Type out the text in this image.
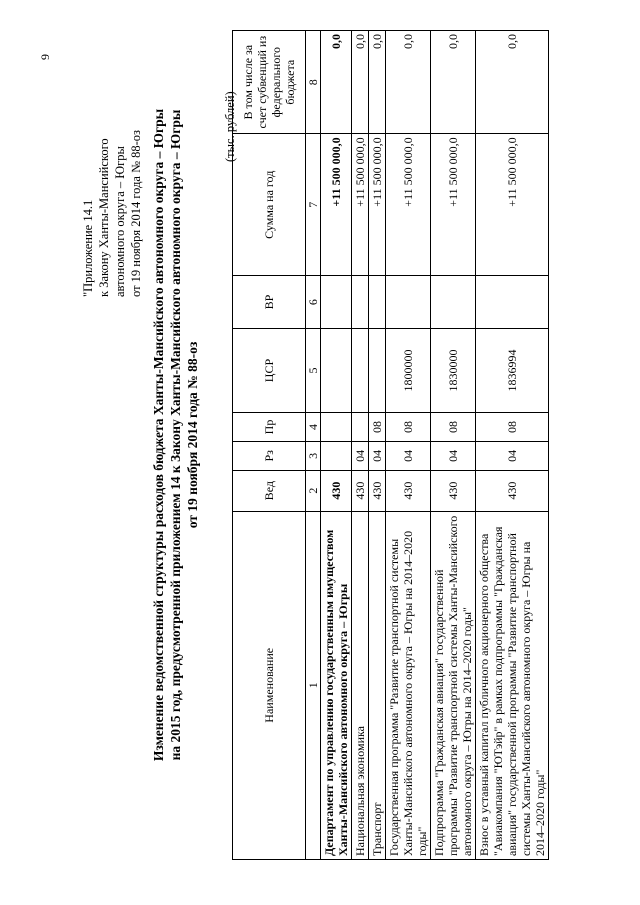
9
"Приложение 14.1 к Закону Ханты-Мансийского автономного округа – Югры от 19 ноября 2014 года № 88-оз Изменение ведомственной структуры расходов бюджета Ханты-Мансийского автономного округа – Югры на 2015 год, предусмотренной приложением 14 к Закону Ханты-Мансийского автономного округа – Югры от 19 ноября 2014 года № 88-оз
(тыс. рублей)
Наименование	Вед	Рз	Пр	ЦСР	ВР	Сумма на год	В том числе за счет субвенций из федерального бюджета
1	2	3	4	5	6	7	8
Департамент по управлению государственным имуществом Ханты-Мансийского автономного округа – Югры	430					+11 500 000,0	0,0
Национальная экономика	430	04				+11 500 000,0	0,0
Транспорт	430	04	08			+11 500 000,0	0,0
Государственная программа "Развитие транспортной системы Ханты-Мансийского автономного округа – Югры на 2014–2020 годы"	430	04	08	1800000		+11 500 000,0	0,0
Подпрограмма "Гражданская авиация" государственной программы "Развитие транспортной системы Ханты-Мансийского автономного округа – Югры на 2014–2020 годы"	430	04	08	1830000		+11 500 000,0	0,0
Взнос в уставный капитал публичного акционерного общества "Авиакомпания "ЮТэйр" в рамках подпрограммы "Гражданская авиация" государственной программы "Развитие транспортной системы Ханты-Мансийского автономного округа – Югры на 2014–2020 годы"	430	04	08	1836994		+11 500 000,0	0,0
